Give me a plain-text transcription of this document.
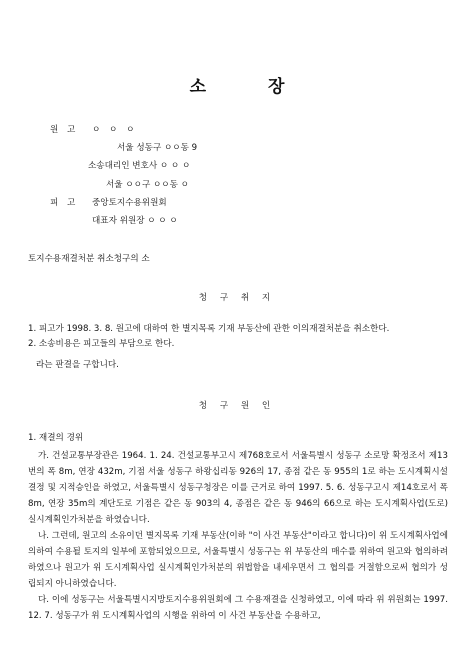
소 장
원 고 ㅇ ㅇ ㅇ
서울 성동구 ㅇㅇ동 9
소송대리인 변호사 ㅇ ㅇ ㅇ
서울 ㅇㅇ구 ㅇㅇ동 ㅇ
피 고 중앙토지수용위원회
대표자 위원장 ㅇ ㅇ ㅇ
토지수용재결처분 취소청구의 소
청 구 취 지
1. 피고가 1998. 3. 8. 원고에 대하여 한 별지목록 기재 부동산에 관한 이의재결처분을 취소한다.
2. 소송비용은 피고들의 부담으로 한다.
라는 판결을 구합니다.
청 구 원 인
1. 재결의 경위

가. 건설교통부장관은 1964. 1. 24. 건설교통부고시 제768호로서 서울특별시 성동구 소로망 확정조서 제13번의 폭 8m, 연장 432m, 기점 서울 성동구 하왕십리동 926의 17, 종점 같은 동 955의 1로 하는 도시계획시설결정 및 지적승인을 하였고, 서울특별시 성동구청장은 이를 근거로 하여 1997. 5. 6. 성동구고시 제14호로서 폭 8m, 연장 35m의 계단도로 기점은 같은 동 903의 4, 종점은 같은 동 946의 66으로 하는 도시계획사업(도로) 실시계획인가처분을 하였습니다.

나. 그런데, 원고의 소유이던 별지목록 기재 부동산(이하 "이 사건 부동산"이라고 합니다)이 위 도시계획사업에 의하여 수용될 토지의 일부에 포함되었으므로, 서울특별시 성동구는 위 부동산의 매수를 위하여 원고와 협의하려 하였으나 원고가 위 도시계획사업 실시계획인가처분의 위법함을 내세우면서 그 협의를 거절함으로써 협의가 성립되지 아니하였습니다.

다. 이에 성동구는 서울특별시지방토지수용위원회에 그 수용재결을 신청하였고, 이에 따라 위 위원회는 1997. 12. 7. 성동구가 위 도시계획사업의 시행을 위하여 이 사건 부동산을 수용하고,
